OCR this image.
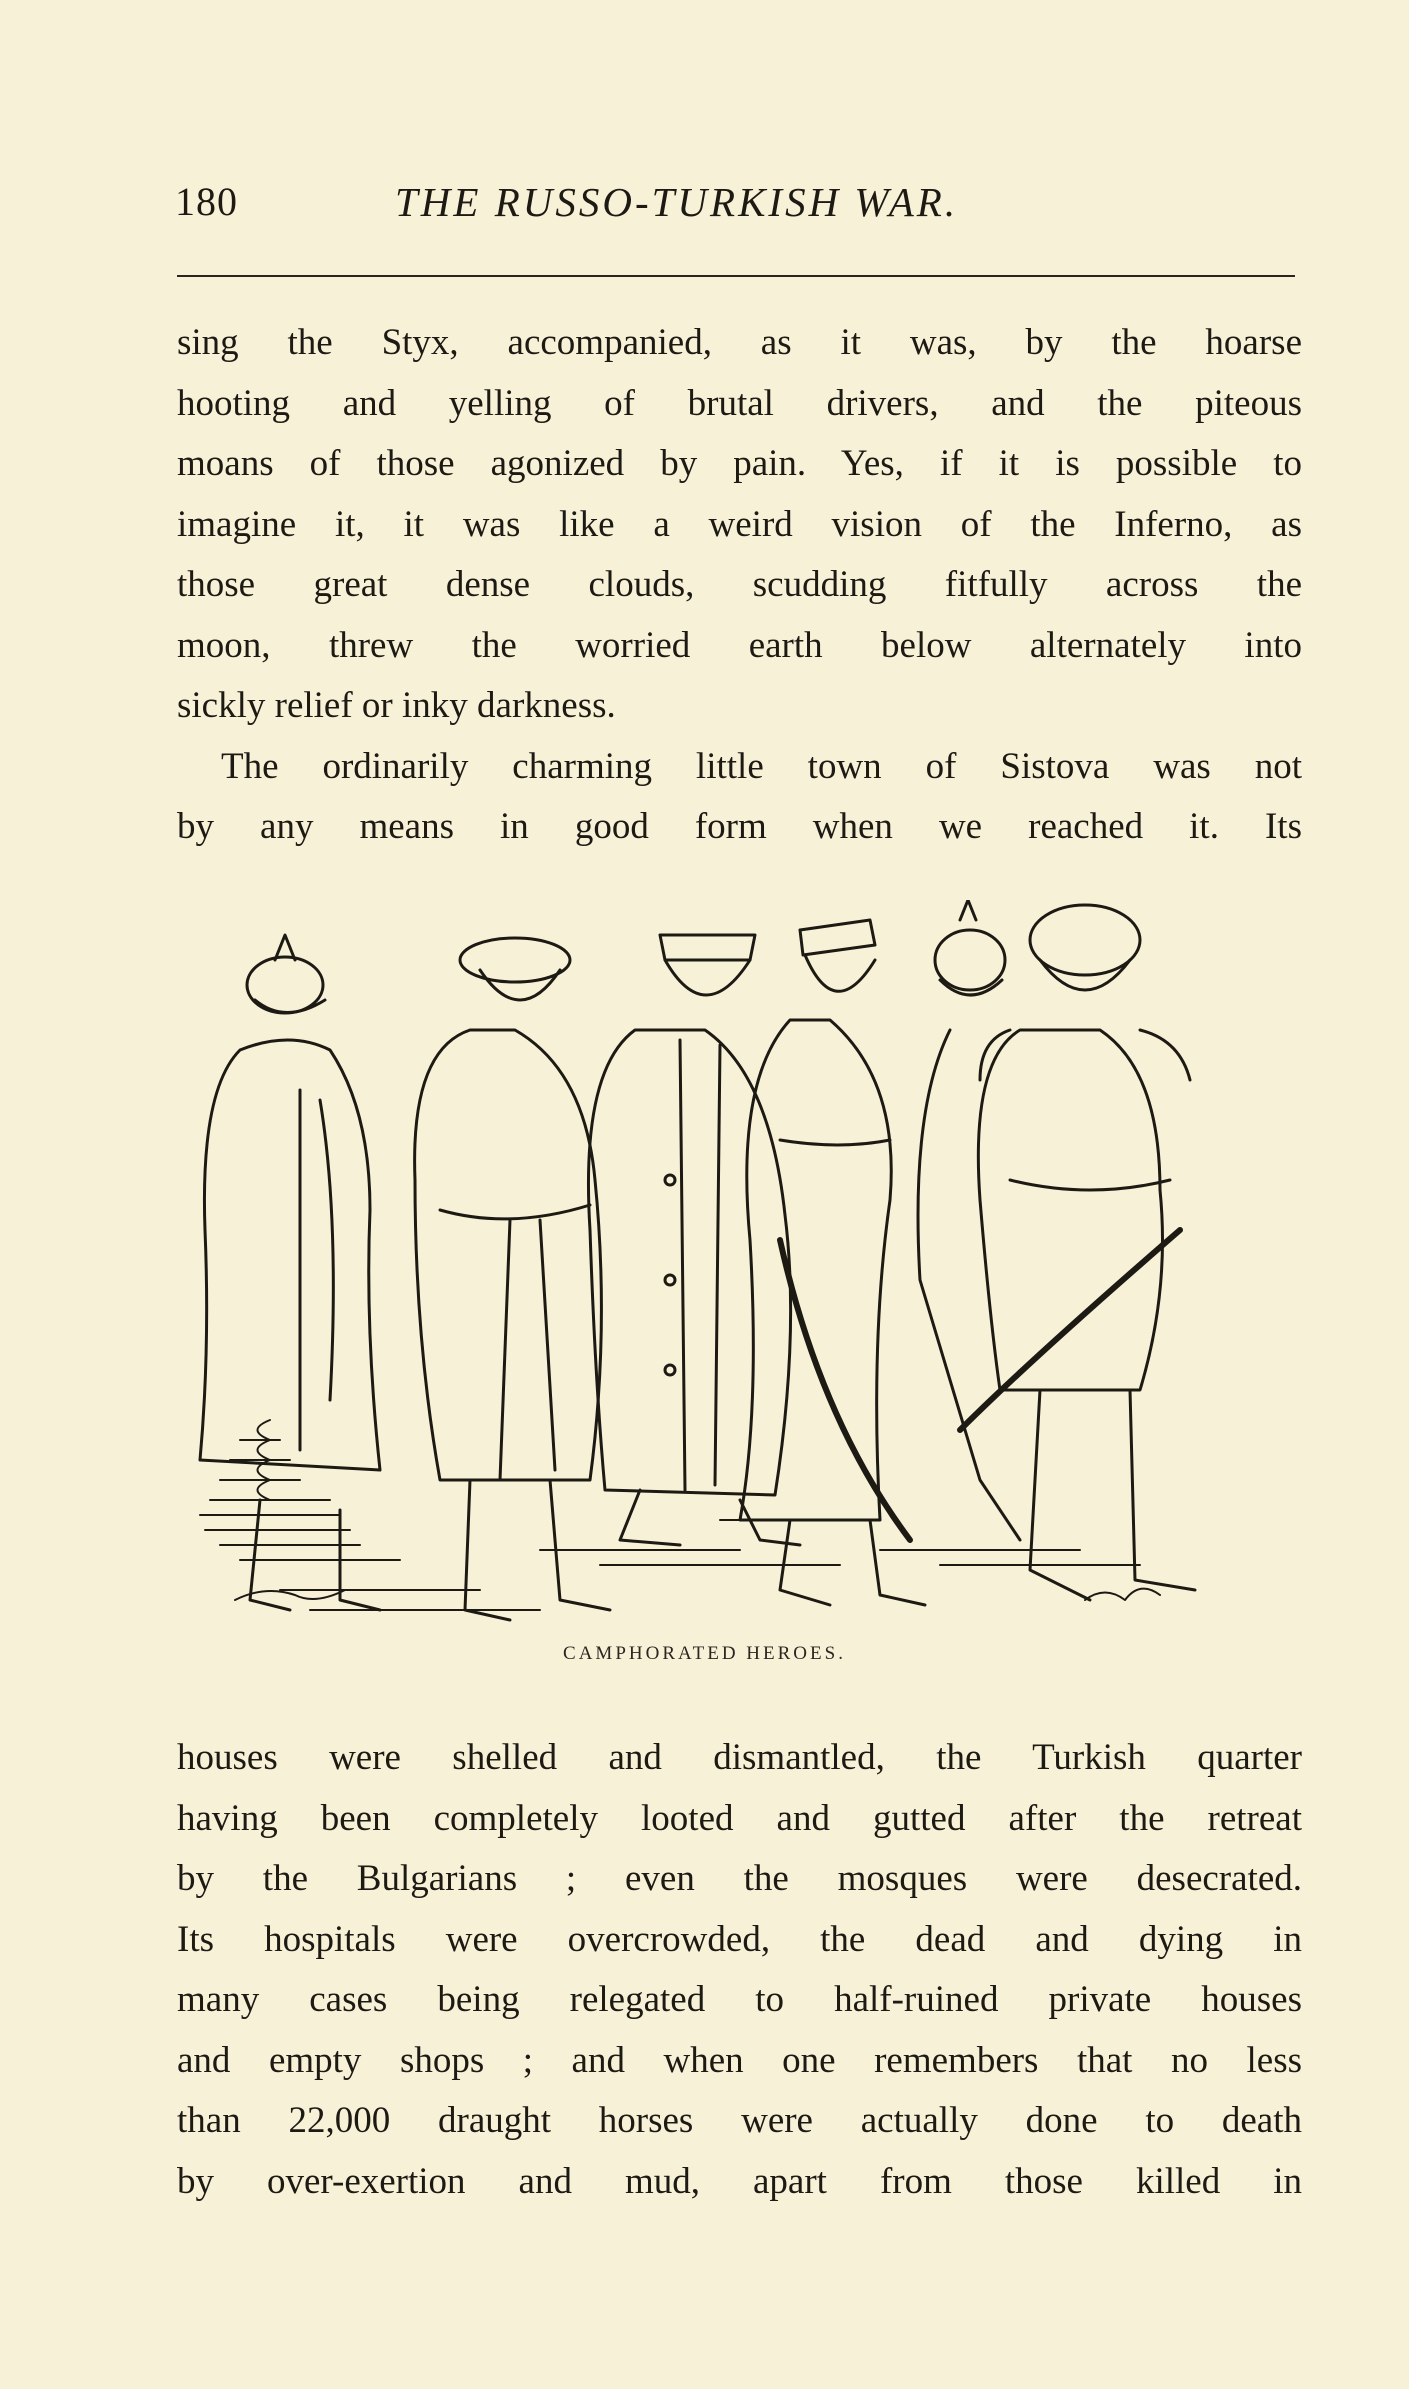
180	THE RUSSO-TURKISH WAR.

sing the Styx, accompanied, as it was, by the hoarse

hooting and yelling of brutal drivers, and the piteous

moans of those agonized by pain. Yes, if it is possible to

imagine it, it was like a weird vision of the Inferno, as

those great dense clouds, scudding fitfully across the

moon, threw the worried earth below alternately into

sickly relief or inky darkness.

The ordinarily charming little town of Sistova was not

by any means in good form when we reached it. Its

CAMPHORATED HEROES.

houses were shelled and dismantled, the Turkish quarter

having been completely looted and gutted after the retreat

by the Bulgarians ; even the mosques were desecrated.

Its hospitals were overcrowded, the dead and dying in

many cases being relegated to half-ruined private houses

and empty shops ; and when one remembers that no less

than 22,000 draught horses were actually done to death

by over-exertion and mud, apart from those killed in
